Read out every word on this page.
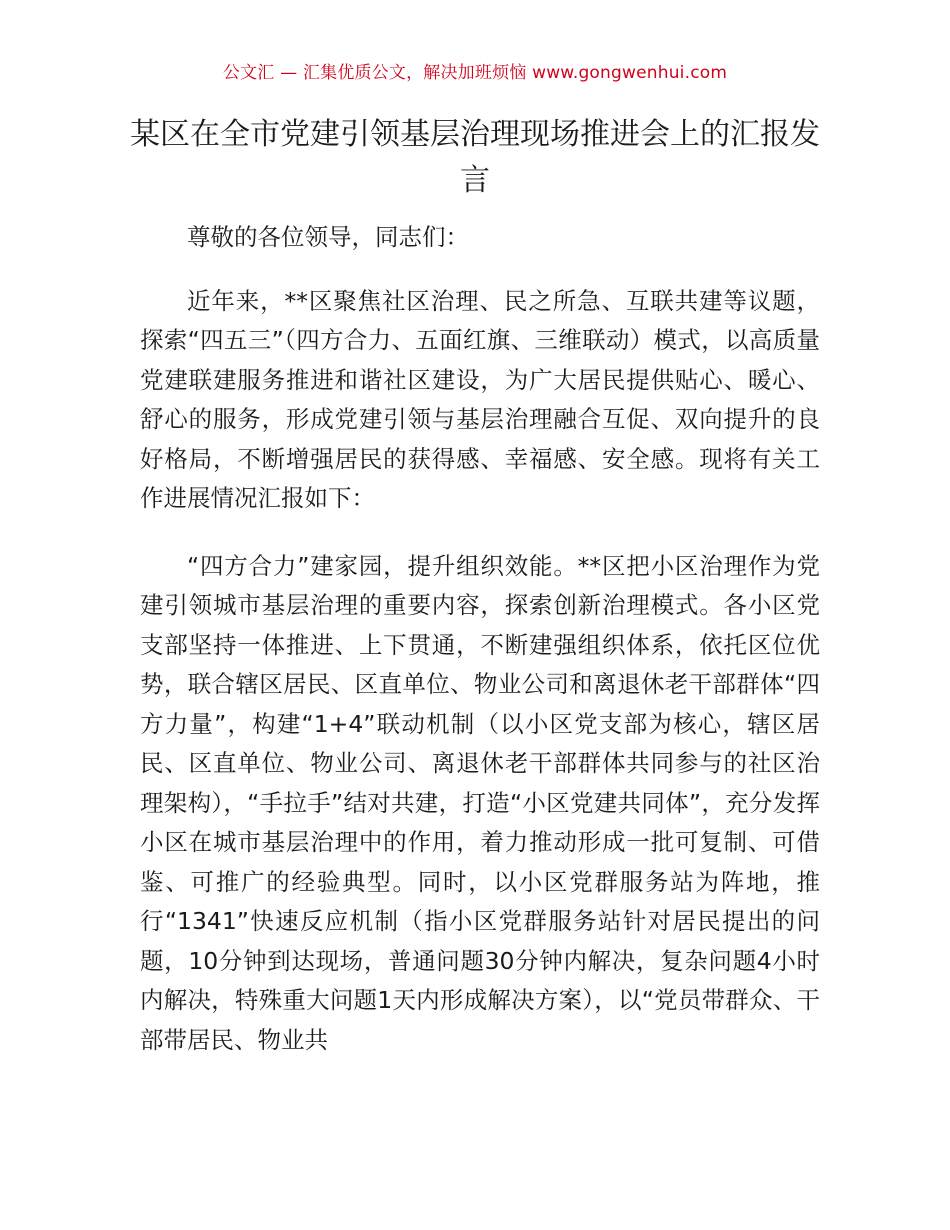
公文汇 — 汇集优质公文，解决加班烦恼 www.gongwenhui.com
某区在全市党建引领基层治理现场推进会上的汇报发言

尊敬的各位领导，同志们：

近年来，**区聚焦社区治理、民之所急、互联共建等议题，探索“四五三”（四方合力、五面红旗、三维联动）模式，以高质量党建联建服务推进和谐社区建设，为广大居民提供贴心、暖心、舒心的服务，形成党建引领与基层治理融合互促、双向提升的良好格局，不断增强居民的获得感、幸福感、安全感。现将有关工作进展情况汇报如下：

“四方合力”建家园，提升组织效能。**区把小区治理作为党建引领城市基层治理的重要内容，探索创新治理模式。各小区党支部坚持一体推进、上下贯通，不断建强组织体系，依托区位优势，联合辖区居民、区直单位、物业公司和离退休老干部群体“四方力量”，构建“1+4”联动机制（以小区党支部为核心，辖区居民、区直单位、物业公司、离退休老干部群体共同参与的社区治理架构），“手拉手”结对共建，打造“小区党建共同体”，充分发挥小区在城市基层治理中的作用，着力推动形成一批可复制、可借鉴、可推广的经验典型。同时，以小区党群服务站为阵地，推行“1341”快速反应机制（指小区党群服务站针对居民提出的问题，10分钟到达现场，普通问题30分钟内解决，复杂问题4小时内解决，特殊重大问题1天内形成解决方案），以“党员带群众、干部带居民、物业共
